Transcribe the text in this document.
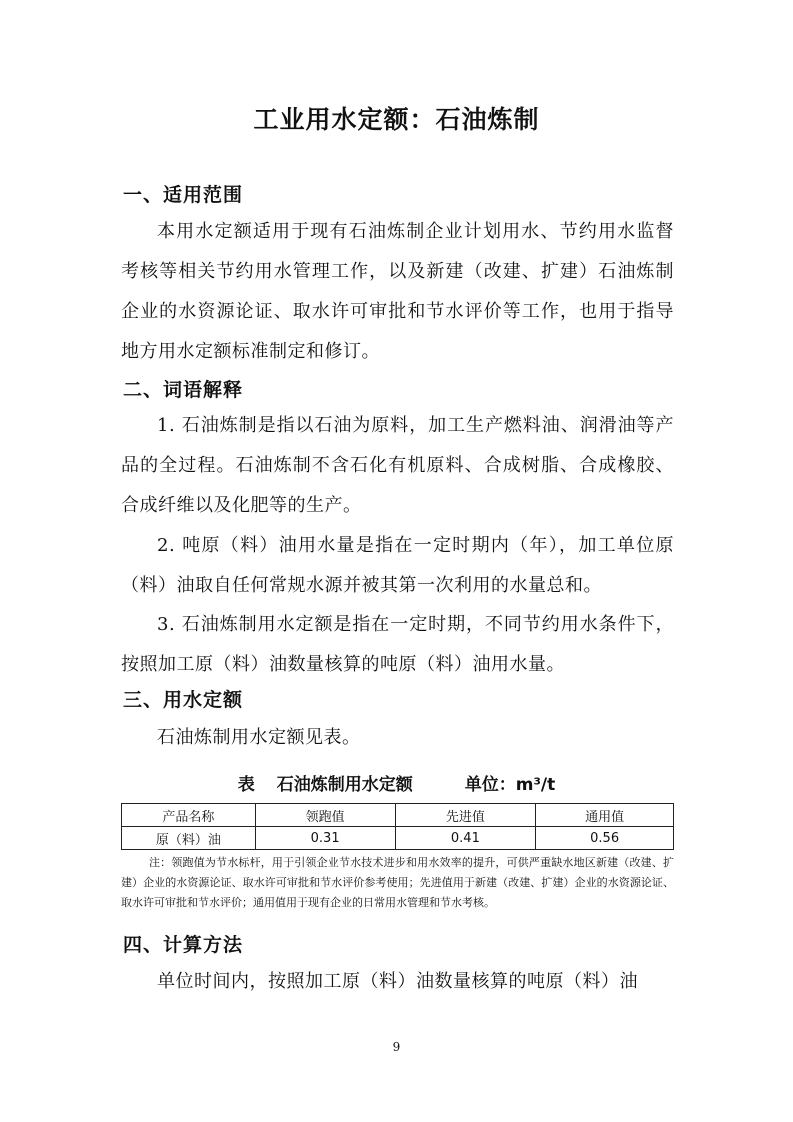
工业用水定额：石油炼制
一、适用范围

本用水定额适用于现有石油炼制企业计划用水、节约用水监督考核等相关节约用水管理工作，以及新建（改建、扩建）石油炼制企业的水资源论证、取水许可审批和节水评价等工作，也用于指导地方用水定额标准制定和修订。

二、词语解释

1. 石油炼制是指以石油为原料，加工生产燃料油、润滑油等产品的全过程。石油炼制不含石化有机原料、合成树脂、合成橡胶、合成纤维以及化肥等的生产。

2. 吨原（料）油用水量是指在一定时期内（年），加工单位原（料）油取自任何常规水源并被其第一次利用的水量总和。

3. 石油炼制用水定额是指在一定时期，不同节约用水条件下，按照加工原（料）油数量核算的吨原（料）油用水量。

三、用水定额

石油炼制用水定额见表。

表 石油炼制用水定额	单位：m³/t
产品名称	领跑值	先进值	通用值
原（料）油	0.31	0.41	0.56

注：领跑值为节水标杆，用于引领企业节水技术进步和用水效率的提升，可供严重缺水地区新建（改建、扩建）企业的水资源论证、取水许可审批和节水评价参考使用；先进值用于新建（改建、扩建）企业的水资源论证、取水许可审批和节水评价；通用值用于现有企业的日常用水管理和节水考核。

四、计算方法

单位时间内，按照加工原（料）油数量核算的吨原（料）油

9
